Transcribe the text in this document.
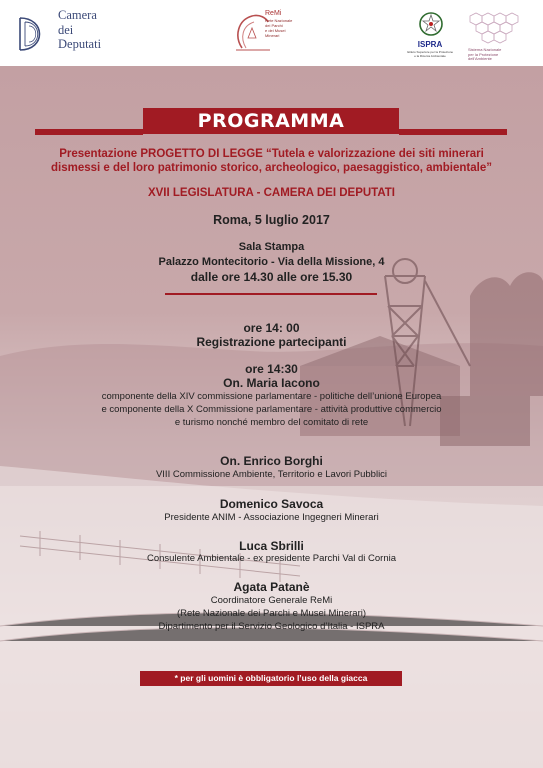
Camera
dei
Deputati
ReMi
Rete Nazionale
dei Parchi
e dei Musei
Minerari
ISPRA
Istituto Superiore per la Protezione
e la Ricerca Ambientale
Sistema Nazionale
per la Protezione
dell'Ambiente
PROGRAMMA

Presentazione PROGETTO DI LEGGE “Tutela e valorizzazione dei siti minerari

dismessi e del loro patrimonio storico, archeologico, paesaggistico, ambientale”

XVII LEGISLATURA - CAMERA DEI DEPUTATI

Roma, 5 luglio 2017

Sala Stampa

Palazzo Montecitorio - Via della Missione, 4

dalle ore 14.30 alle ore 15.30

ore 14: 00

Registrazione partecipanti

ore 14:30

On. Maria Iacono

componente della XIV commissione parlamentare - politiche dell’unione Europea

e componente della X Commissione parlamentare - attività produttive commercio

e turismo nonché membro del comitato di rete

On. Enrico Borghi

VIII Commissione Ambiente, Territorio e Lavori Pubblici

Domenico Savoca

Presidente ANIM - Associazione Ingegneri Minerari

Luca Sbrilli

Consulente Ambientale - ex presidente Parchi Val di Cornia

Agata Patanè

Coordinatore Generale ReMi

(Rete Nazionale dei Parchi e Musei Minerari)

Dipartimento per il Servizio Geologico d’Italia - ISPRA

* per gli uomini è obbligatorio l’uso della giacca
